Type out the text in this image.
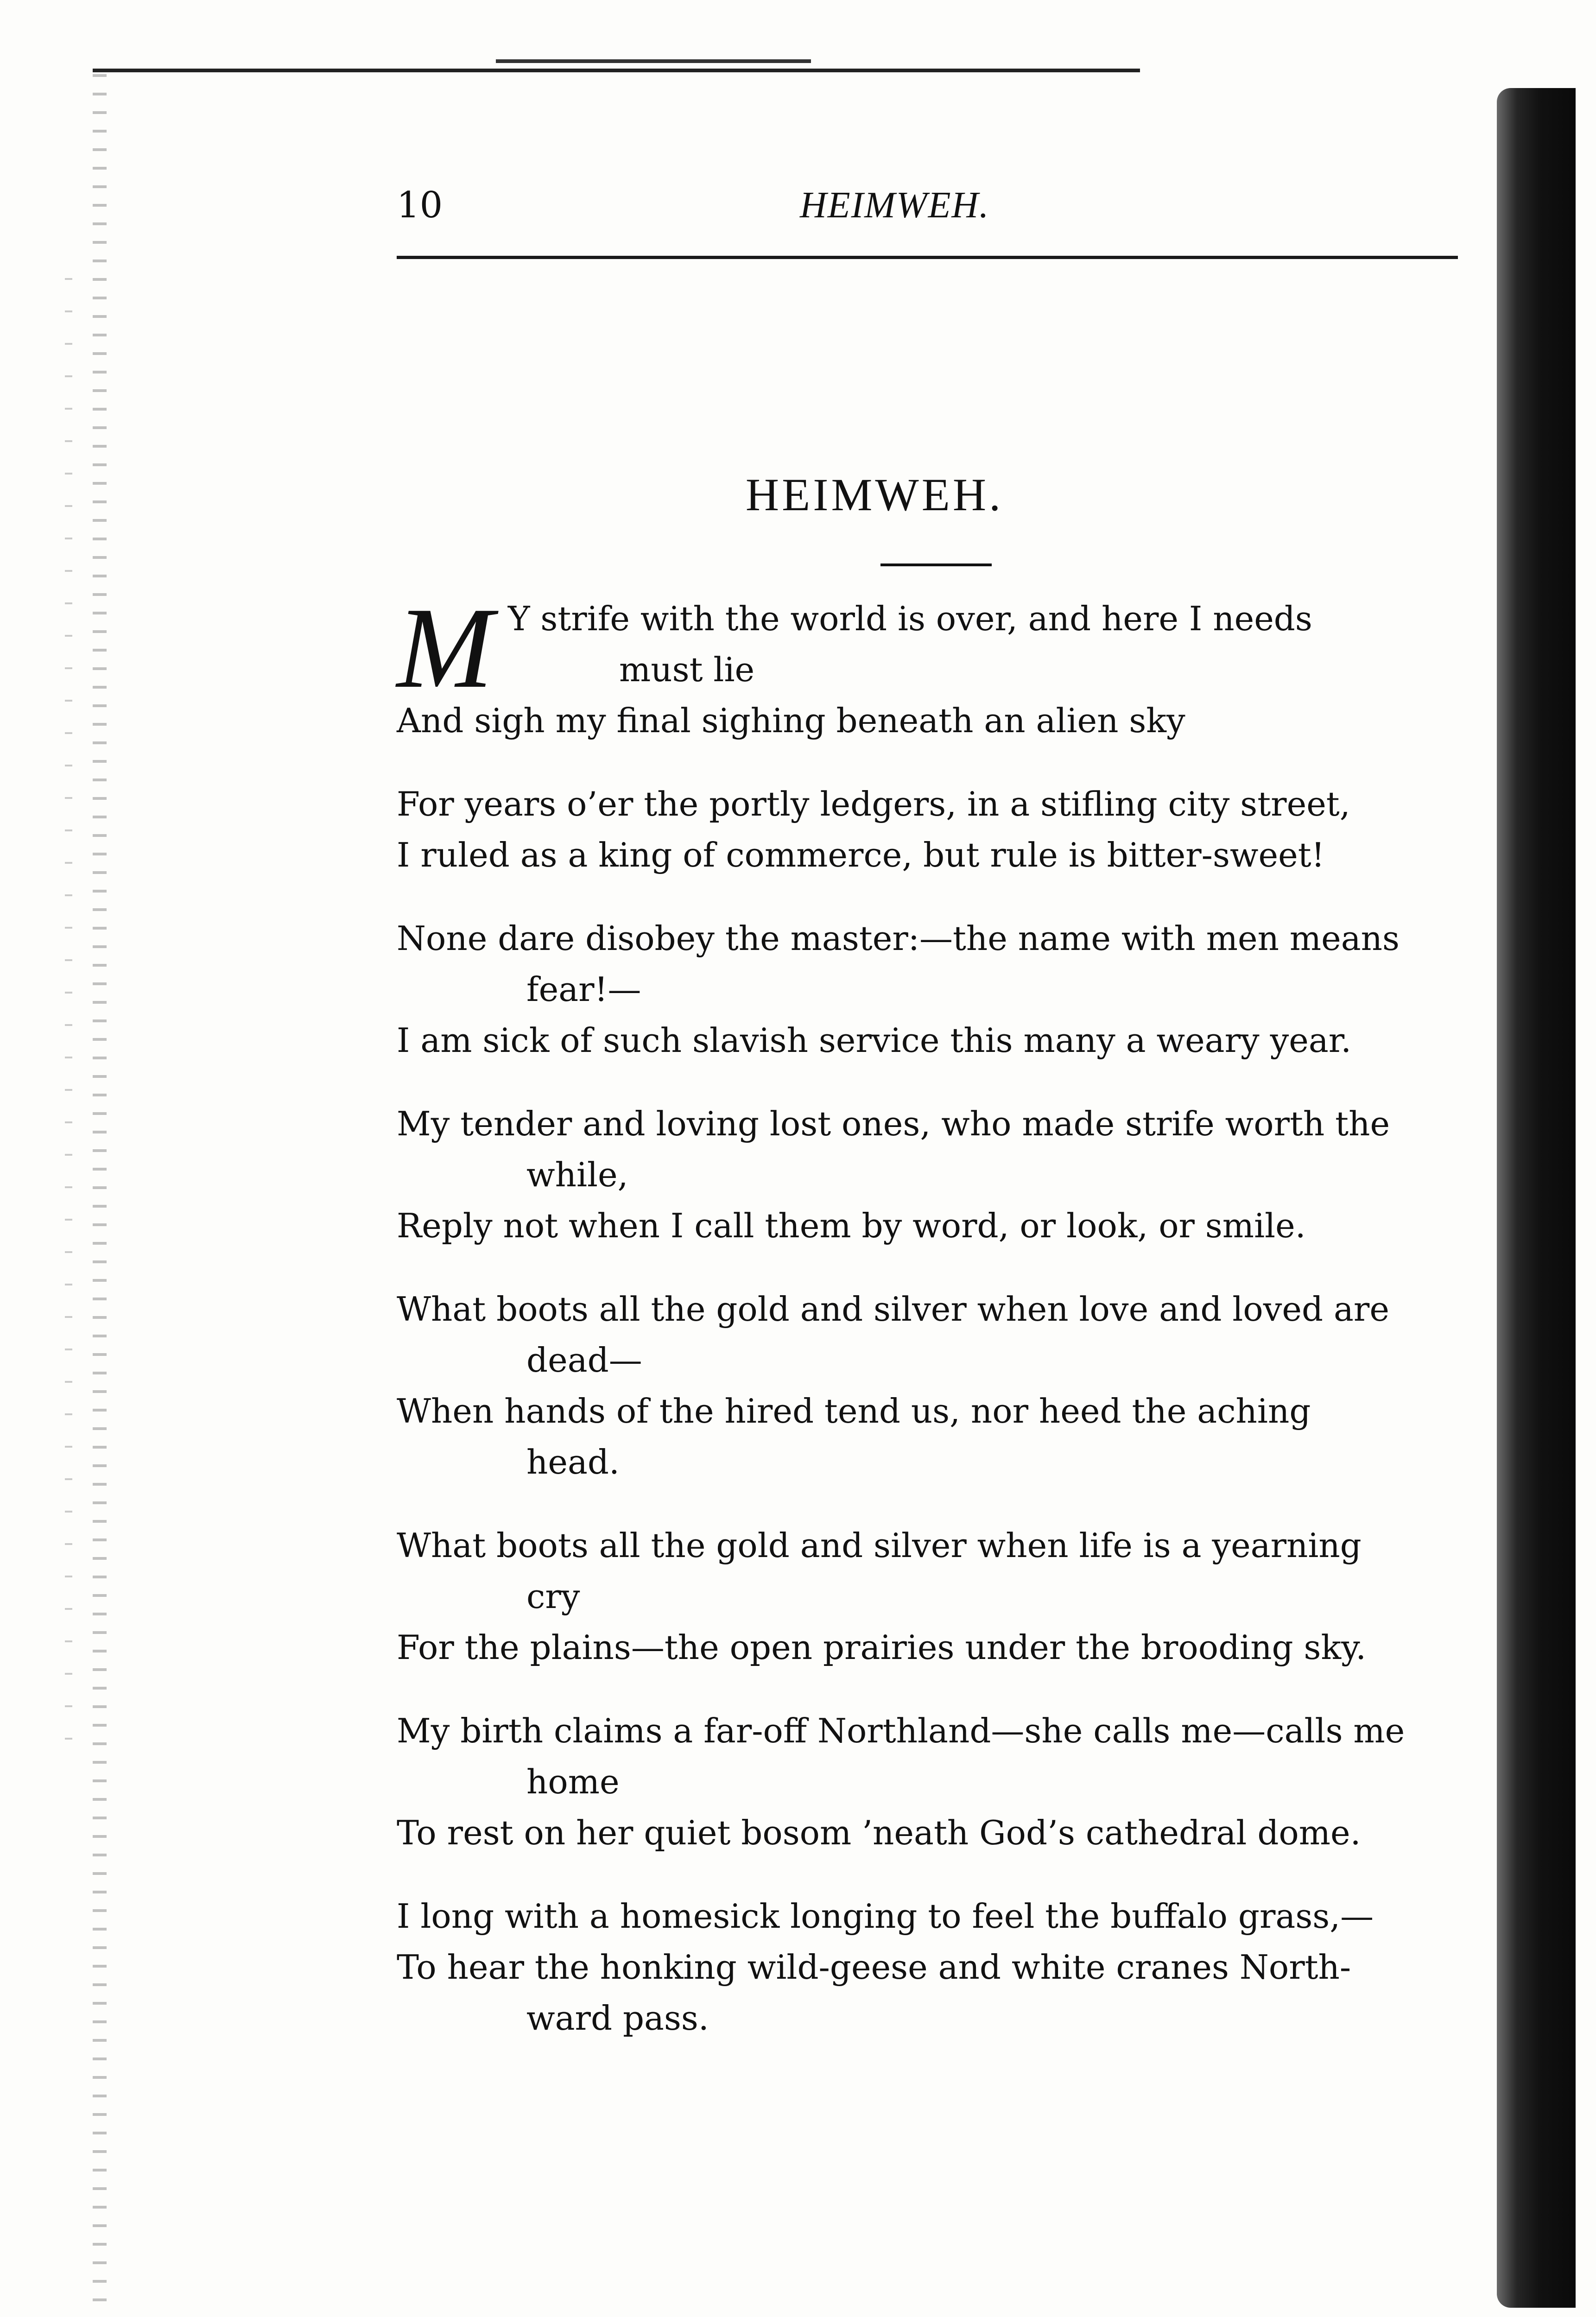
10	HEIMWEH.
HEIMWEH.
M Y strife with the world is over, and here I needs
must lie
And sigh my final sighing beneath an alien sky
For years o’er the portly ledgers, in a stifling city street,
I ruled as a king of commerce, but rule is bitter-sweet!
None dare disobey the master:—the name with men means
fear!—
I am sick of such slavish service this many a weary year.
My tender and loving lost ones, who made strife worth the
while,
Reply not when I call them by word, or look, or smile.
What boots all the gold and silver when love and loved are
dead—
When hands of the hired tend us, nor heed the aching
head.
What boots all the gold and silver when life is a yearning
cry
For the plains—the open prairies under the brooding sky.
My birth claims a far-off Northland—she calls me—calls me
home
To rest on her quiet bosom ’neath God’s cathedral dome.
I long with a homesick longing to feel the buffalo grass,—
To hear the honking wild-geese and white cranes North-
ward pass.
